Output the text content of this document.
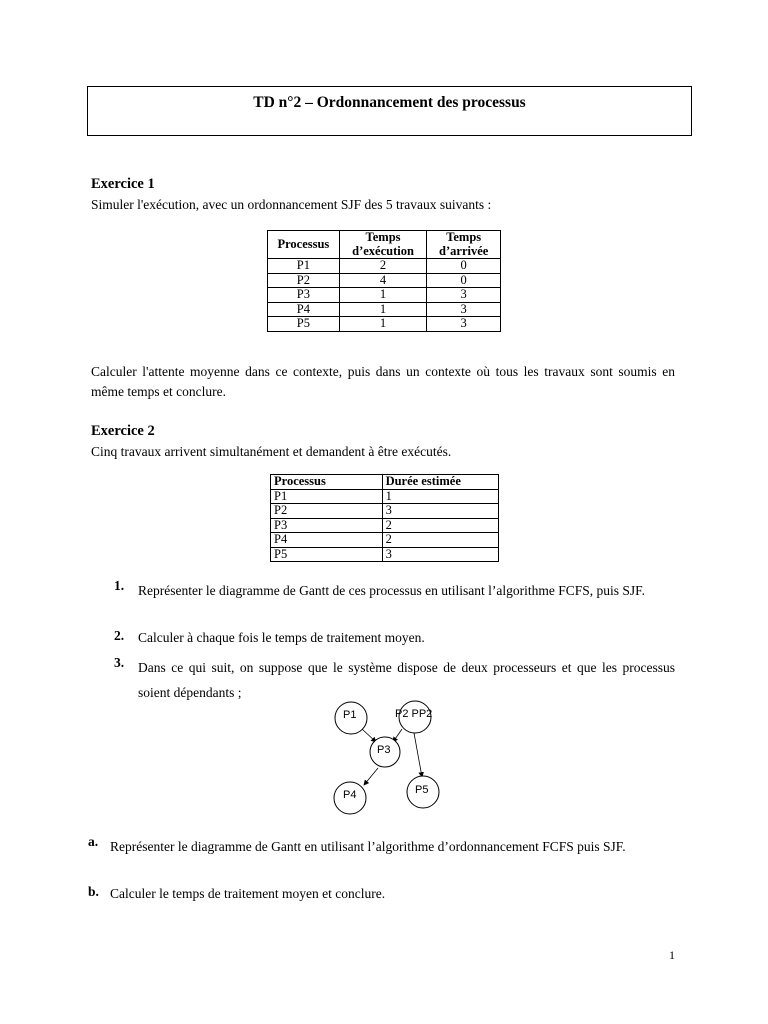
TD n°2 – Ordonnancement des processus
Exercice 1
Simuler l'exécution, avec un ordonnancement SJF des 5 travaux suivants :
Processus	Temps d’exécution	Temps d’arrivée
P1	2	0
P2	4	0
P3	1	3
P4	1	3
P5	1	3
Calculer l'attente moyenne dans ce contexte, puis dans un contexte où tous les travaux sont soumis en même temps et conclure.
Exercice 2
Cinq travaux arrivent simultanément et demandent à être exécutés.
Processus	Durée estimée
P1	1
P2	3
P3	2
P4	2
P5	3
1. Représenter le diagramme de Gantt de ces processus en utilisant l’algorithme FCFS, puis SJF.
2. Calculer à chaque fois le temps de traitement moyen.
3. Dans ce qui suit, on suppose que le système dispose de deux processeurs et que les processus soient dépendants ;
P1	P2 PP2
P3
P4	P5
a. Représenter le diagramme de Gantt en utilisant l’algorithme d’ordonnancement FCFS puis SJF.
b. Calculer le temps de traitement moyen et conclure.
1
